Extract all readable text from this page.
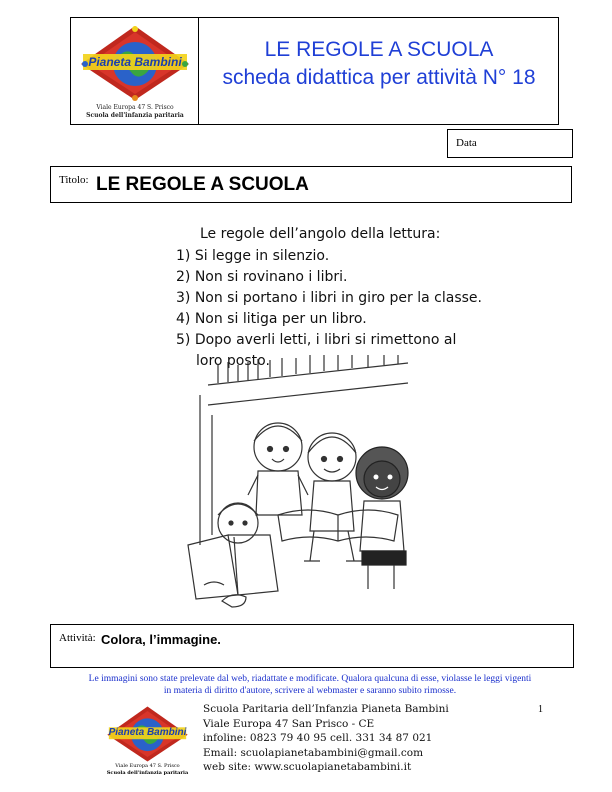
Pianeta Bambini
Viale Europa 47 S. Prisco
Scuola dell'infanzia paritaria
LE REGOLE A SCUOLA
scheda didattica per attività N° 18
Data
Titolo: LE REGOLE A SCUOLA
Le regole dell’angolo della lettura:
1) Si legge in silenzio.
2) Non si rovinano i libri.
3) Non si portano i libri in giro per la classe.
4) Non si litiga per un libro.
5) Dopo averli letti, i libri si rimettono al
loro posto.
Attività: Colora, l’immagine.
Le immagini sono state prelevate dal web, riadattate e modificate. Qualora qualcuna di esse, violasse le leggi vigenti
in materia di diritto d'autore, scrivere al webmaster e saranno subito rimosse.
1
Pianeta Bambini
Viale Europa 47 S. Prisco
Scuola dell'infanzia paritaria
Scuola Paritaria dell’Infanzia Pianeta Bambini
Viale Europa 47 San Prisco - CE
infoline: 0823 79 40 95 cell. 331 34 87 021
Email: scuolapianetabambini@gmail.com
web site: www.scuolapianetabambini.it
